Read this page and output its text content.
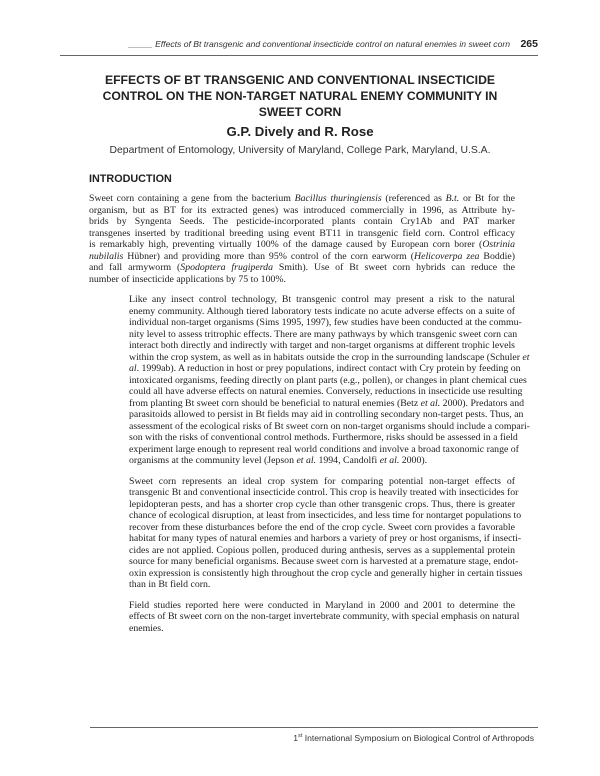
_____ Effects of Bt transgenic and conventional insecticide control on natural enemies in sweet corn 265
EFFECTS OF BT TRANSGENIC AND CONVENTIONAL INSECTICIDE
CONTROL ON THE NON-TARGET NATURAL ENEMY COMMUNITY IN
SWEET CORN
G.P. Dively and R. Rose
Department of Entomology, University of Maryland, College Park, Maryland, U.S.A.
INTRODUCTION

Sweet corn containing a gene from the bacterium Bacillus thuringiensis (referenced as B.t. or Bt for the
organism, but as BT for its extracted genes) was introduced commercially in 1996, as Attribute hy-
brids by Syngenta Seeds. The pesticide-incorporated plants contain Cry1Ab and PAT marker
transgenes inserted by traditional breeding using event BT11 in transgenic field corn. Control efficacy
is remarkably high, preventing virtually 100% of the damage caused by European corn borer (Ostrinia
nubilalis Hübner) and providing more than 95% control of the corn earworm (Helicoverpa zea Boddie)
and fall armyworm (Spodoptera frugiperda Smith). Use of Bt sweet corn hybrids can reduce the
number of insecticide applications by 75 to 100%.

Like any insect control technology, Bt transgenic control may present a risk to the natural
enemy community. Although tiered laboratory tests indicate no acute adverse effects on a suite of
individual non-target organisms (Sims 1995, 1997), few studies have been conducted at the commu-
nity level to assess tritrophic effects. There are many pathways by which transgenic sweet corn can
interact both directly and indirectly with target and non-target organisms at different trophic levels
within the crop system, as well as in habitats outside the crop in the surrounding landscape (Schuler et
al. 1999ab). A reduction in host or prey populations, indirect contact with Cry protein by feeding on
intoxicated organisms, feeding directly on plant parts (e.g., pollen), or changes in plant chemical cues
could all have adverse effects on natural enemies. Conversely, reductions in insecticide use resulting
from planting Bt sweet corn should be beneficial to natural enemies (Betz et al. 2000). Predators and
parasitoids allowed to persist in Bt fields may aid in controlling secondary non-target pests. Thus, an
assessment of the ecological risks of Bt sweet corn on non-target organisms should include a compari-
son with the risks of conventional control methods. Furthermore, risks should be assessed in a field
experiment large enough to represent real world conditions and involve a broad taxonomic range of
organisms at the community level (Jepson et al. 1994, Candolfi et al. 2000).

Sweet corn represents an ideal crop system for comparing potential non-target effects of
transgenic Bt and conventional insecticide control. This crop is heavily treated with insecticides for
lepidopteran pests, and has a shorter crop cycle than other transgenic crops. Thus, there is greater
chance of ecological disruption, at least from insecticides, and less time for nontarget populations to
recover from these disturbances before the end of the crop cycle. Sweet corn provides a favorable
habitat for many types of natural enemies and harbors a variety of prey or host organisms, if insecti-
cides are not applied. Copious pollen, produced during anthesis, serves as a supplemental protein
source for many beneficial organisms. Because sweet corn is harvested at a premature stage, endot-
oxin expression is consistently high throughout the crop cycle and generally higher in certain tissues
than in Bt field corn.

Field studies reported here were conducted in Maryland in 2000 and 2001 to determine the
effects of Bt sweet corn on the non-target invertebrate community, with special emphasis on natural
enemies.

1st International Symposium on Biological Control of Arthropods
